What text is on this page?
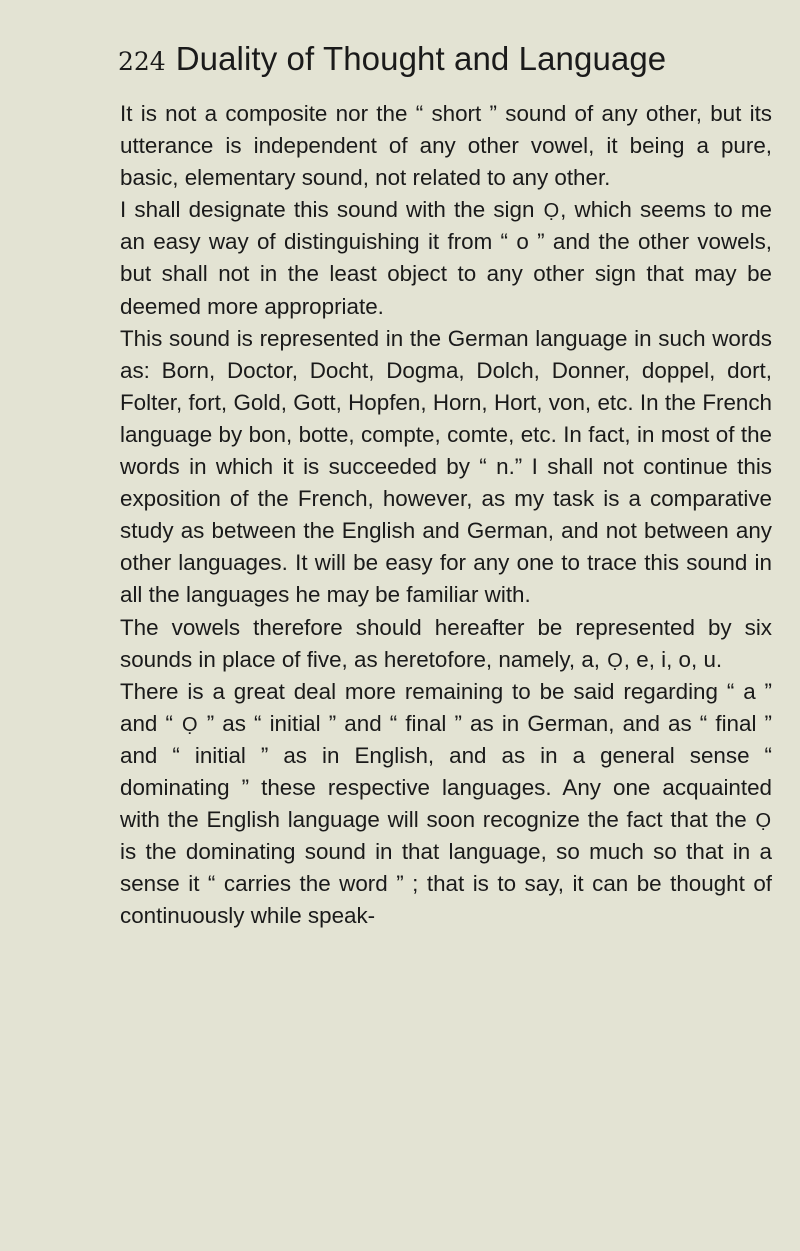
224 Duality of Thought and Language

It is not a composite nor the “ short ” sound of any other, but its utterance is independent of any other vowel, it being a pure, basic, elementary sound, not related to any other.

I shall designate this sound with the sign Ọ, which seems to me an easy way of distinguishing it from “ o ” and the other vowels, but shall not in the least object to any other sign that may be deemed more appropriate.

This sound is represented in the German language in such words as: Born, Doctor, Docht, Dogma, Dolch, Donner, doppel, dort, Folter, fort, Gold, Gott, Hopfen, Horn, Hort, von, etc. In the French language by bon, botte, compte, comte, etc. In fact, in most of the words in which it is succeeded by “ n.” I shall not continue this exposition of the French, however, as my task is a comparative study as between the English and German, and not between any other languages. It will be easy for any one to trace this sound in all the languages he may be familiar with.

The vowels therefore should hereafter be represented by six sounds in place of five, as heretofore, namely, a, Ọ, e, i, o, u.

There is a great deal more remaining to be said regarding “ a ” and “ Ọ ” as “ initial ” and “ final ” as in German, and as “ final ” and “ initial ” as in English, and as in a general sense “ dominating ” these respective languages. Any one acquainted with the English language will soon recognize the fact that the Ọ is the dominating sound in that language, so much so that in a sense it “ carries the word ” ; that is to say, it can be thought of continuously while speak-
